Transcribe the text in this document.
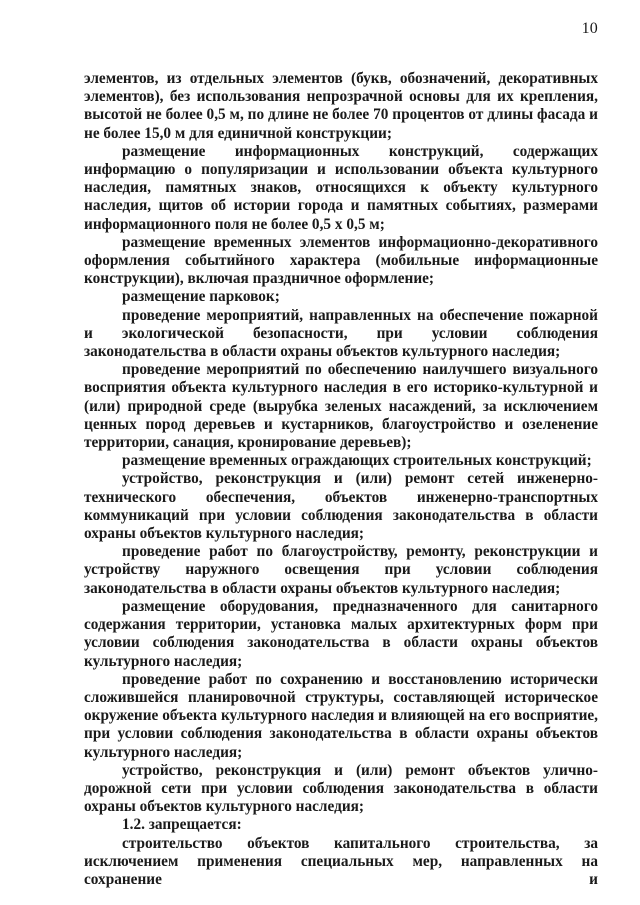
10

элементов, из отдельных элементов (букв, обозначений, декоративных элементов), без использования непрозрачной основы для их крепления, высотой не более 0,5 м, по длине не более 70 процентов от длины фасада и не более 15,0 м для единичной конструкции;

размещение информационных конструкций, содержащих информацию о популяризации и использовании объекта культурного наследия, памятных знаков, относящихся к объекту культурного наследия, щитов об истории города и памятных событиях, размерами информационного поля не более 0,5 х 0,5 м;

размещение временных элементов информационно-декоративного оформления событийного характера (мобильные информационные конструкции), включая праздничное оформление;

размещение парковок;

проведение мероприятий, направленных на обеспечение пожарной и экологической безопасности, при условии соблюдения законодательства в области охраны объектов культурного наследия;

проведение мероприятий по обеспечению наилучшего визуального восприятия объекта культурного наследия в его историко-культурной и (или) природной среде (вырубка зеленых насаждений, за исключением ценных пород деревьев и кустарников, благоустройство и озеленение территории, санация, кронирование деревьев);

размещение временных ограждающих строительных конструкций;

устройство, реконструкция и (или) ремонт сетей инженерно-технического обеспечения, объектов инженерно-транспортных коммуникаций при условии соблюдения законодательства в области охраны объектов культурного наследия;

проведение работ по благоустройству, ремонту, реконструкции и устройству наружного освещения при условии соблюдения законодательства в области охраны объектов культурного наследия;

размещение оборудования, предназначенного для санитарного содержания территории, установка малых архитектурных форм при условии соблюдения законодательства в области охраны объектов культурного наследия;

проведение работ по сохранению и восстановлению исторически сложившейся планировочной структуры, составляющей историческое окружение объекта культурного наследия и влияющей на его восприятие, при условии соблюдения законодательства в области охраны объектов культурного наследия;

устройство, реконструкция и (или) ремонт объектов улично-дорожной сети при условии соблюдения законодательства в области охраны объектов культурного наследия;

1.2. запрещается:

строительство объектов капитального строительства, за исключением применения специальных мер, направленных на сохранение и
